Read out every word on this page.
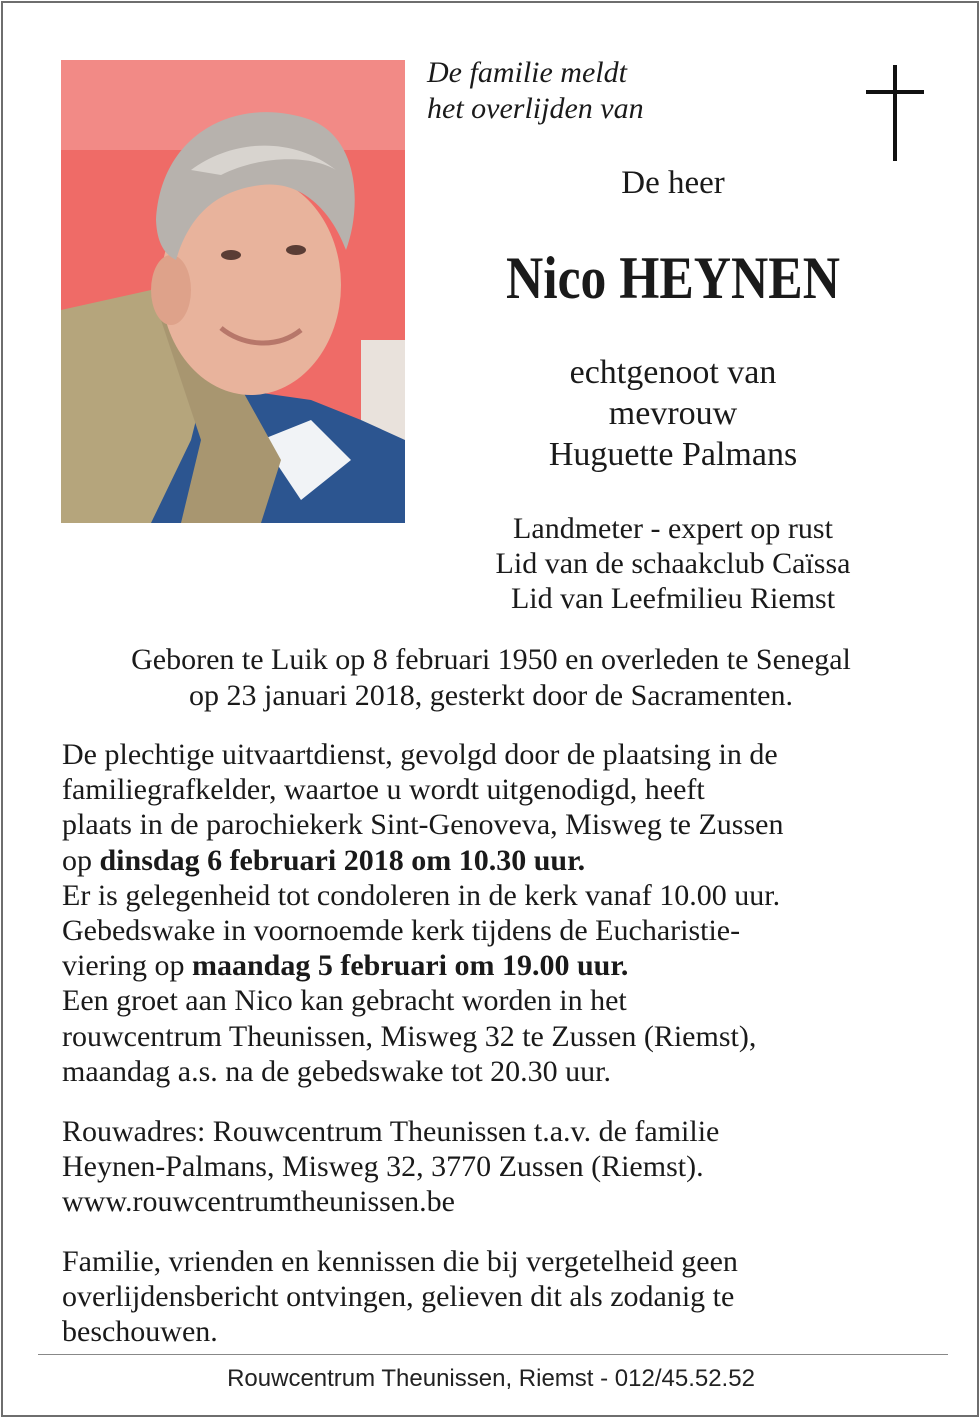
De familie meldt
het overlijden van
De heer
Nico HEYNEN
echtgenoot van
mevrouw
Huguette Palmans
Landmeter - expert op rust
Lid van de schaakclub Caïssa
Lid van Leefmilieu Riemst
Geboren te Luik op 8 februari 1950 en overleden te Senegal
op 23 januari 2018, gesterkt door de Sacramenten.
De plechtige uitvaartdienst, gevolgd door de plaatsing in de
familiegrafkelder, waartoe u wordt uitgenodigd, heeft
plaats in de parochiekerk Sint-Genoveva, Misweg te Zussen
op dinsdag 6 februari 2018 om 10.30 uur.
Er is gelegenheid tot condoleren in de kerk vanaf 10.00 uur.
Gebedswake in voornoemde kerk tijdens de Eucharistie-
viering op maandag 5 februari om 19.00 uur.
Een groet aan Nico kan gebracht worden in het
rouwcentrum Theunissen, Misweg 32 te Zussen (Riemst),
maandag a.s. na de gebedswake tot 20.30 uur.
Rouwadres: Rouwcentrum Theunissen t.a.v. de familie
Heynen-Palmans, Misweg 32, 3770 Zussen (Riemst).
www.rouwcentrumtheunissen.be
Familie, vrienden en kennissen die bij vergetelheid geen
overlijdensbericht ontvingen, gelieven dit als zodanig te
beschouwen.
Rouwcentrum Theunissen, Riemst - 012/45.52.52
